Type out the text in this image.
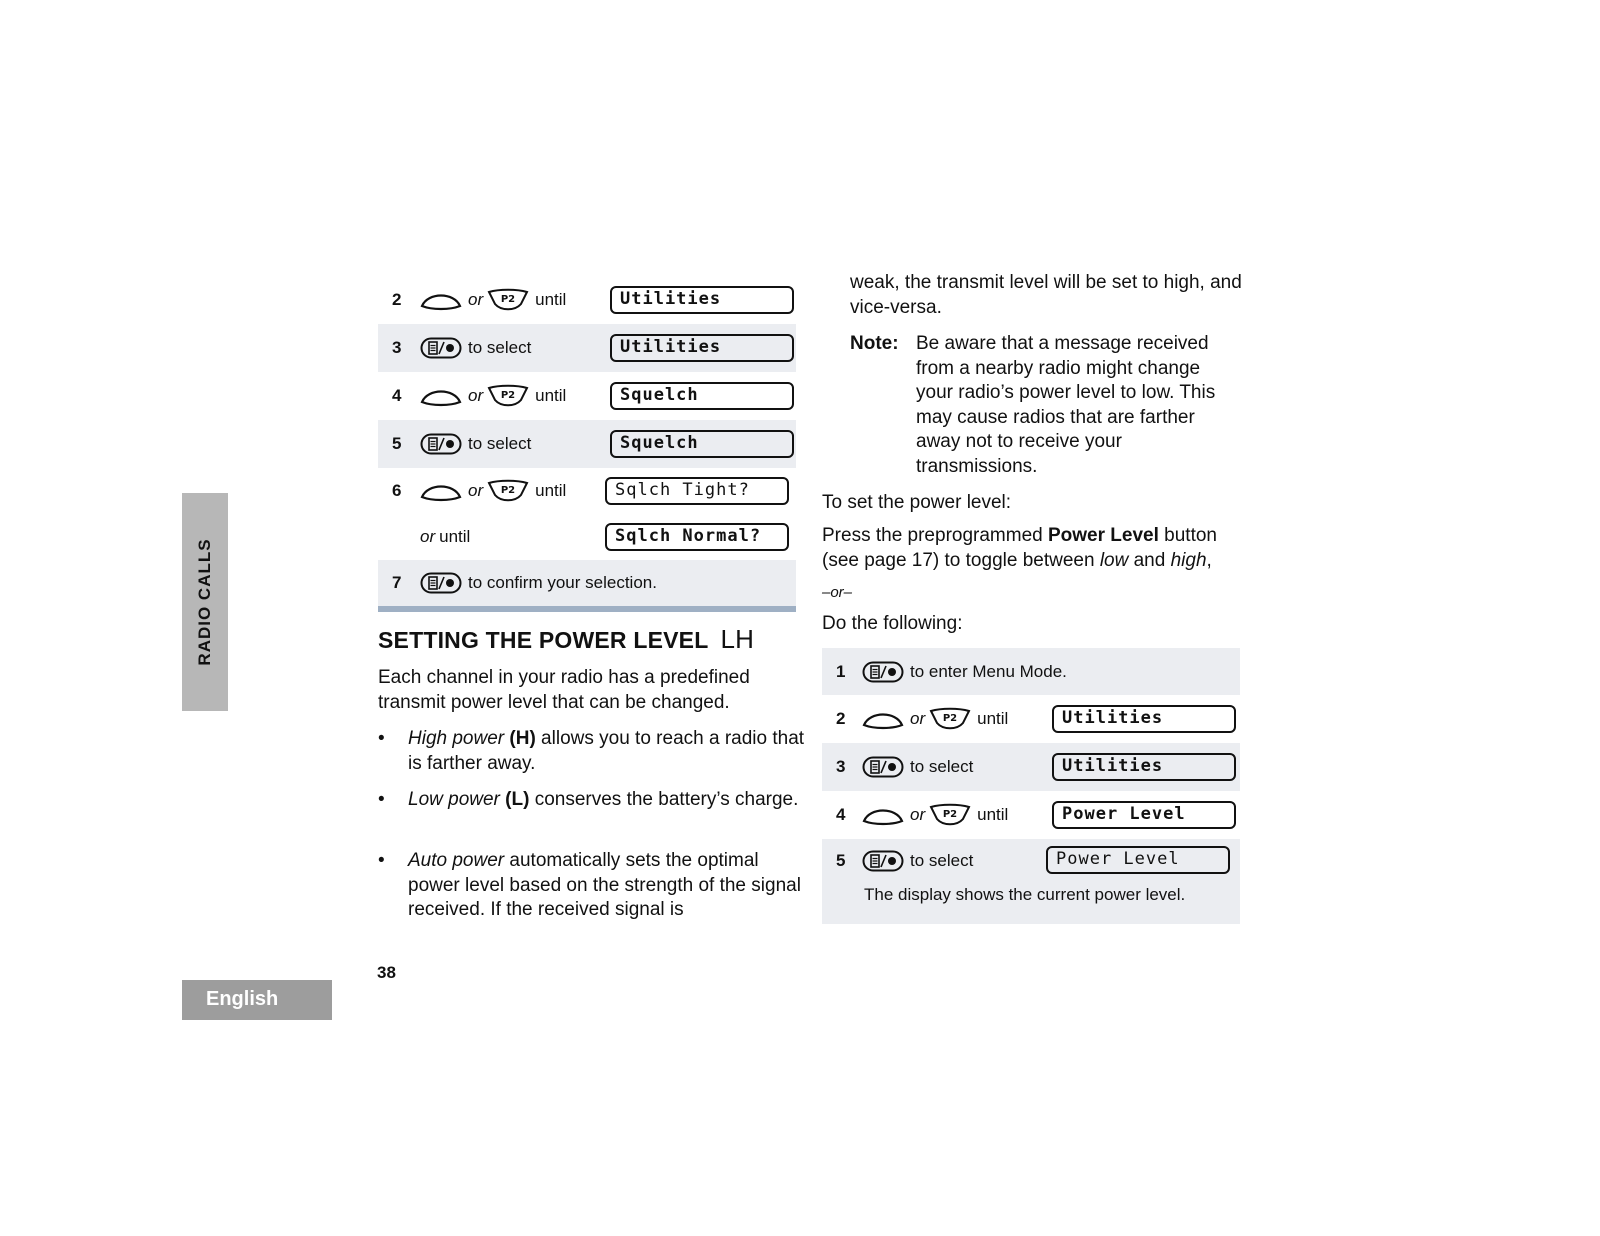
RADIO CALLS
English
38
2	or	until	Utilities
3	to select	Utilities
4	or	until	Squelch
5	to select	Squelch
6	or	until	Sqlch Tight?
or until	Sqlch Normal?
7	to confirm your selection.
SETTING THE POWER LEVEL LH
Each channel in your radio has a predefined transmit power level that can be changed.
• High power (H) allows you to reach a radio that is farther away.
• Low power (L) conserves the battery’s charge.
• Auto power automatically sets the optimal power level based on the strength of the signal received. If the received signal is
weak, the transmit level will be set to high, and vice-versa.
Note: Be aware that a message received from a nearby radio might change your radio’s power level to low. This may cause radios that are farther away not to receive your transmissions.
To set the power level:
Press the preprogrammed Power Level button (see page 17) to toggle between low and high,
–or–
Do the following:
1	to enter Menu Mode.
2	or	until	Utilities
3	to select	Utilities
4	or	until	Power Level
5	to select	Power Level
The display shows the current power level.
